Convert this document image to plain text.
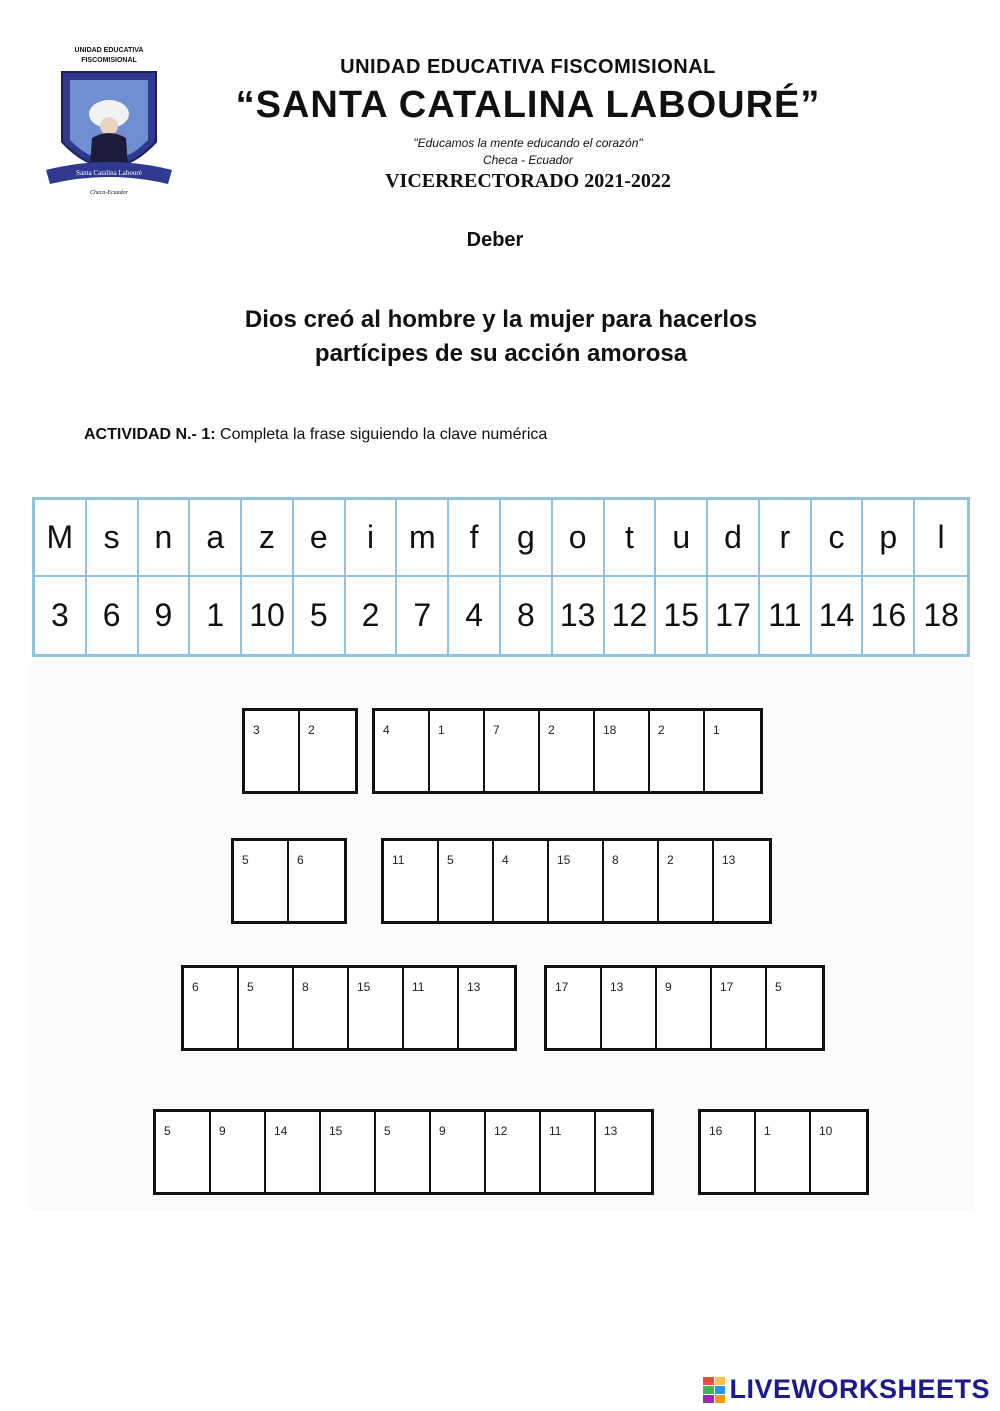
UNIDAD EDUCATIVA
FISCOMISIONAL
Santa Catalina Labouré
Checa-Ecuador
UNIDAD EDUCATIVA FISCOMISIONAL
“SANTA CATALINA LABOURÉ”
"Educamos la mente educando el corazón"
Checa - Ecuador
VICERRECTORADO 2021-2022
Deber
Dios creó al hombre y la mujer para hacerlos
partícipes de su acción amorosa
ACTIVIDAD N.- 1: Completa la frase siguiendo la clave numérica
M s	n	a	z	e	i	m	f	g	o	t	u	d	r	c	p	l
3	6	9	1 10 5	2	7	4	8 13 12 15 17 11 14 16 18
3	2	4	1	7	2	18	2	1
5	6	11	5	4	15	8	2	13
6	5	8	15	11	13	17	13	9	17	5
5	9	14	15	5	9	12	11	13	16	1	10
LIVEWORKSHEETS
